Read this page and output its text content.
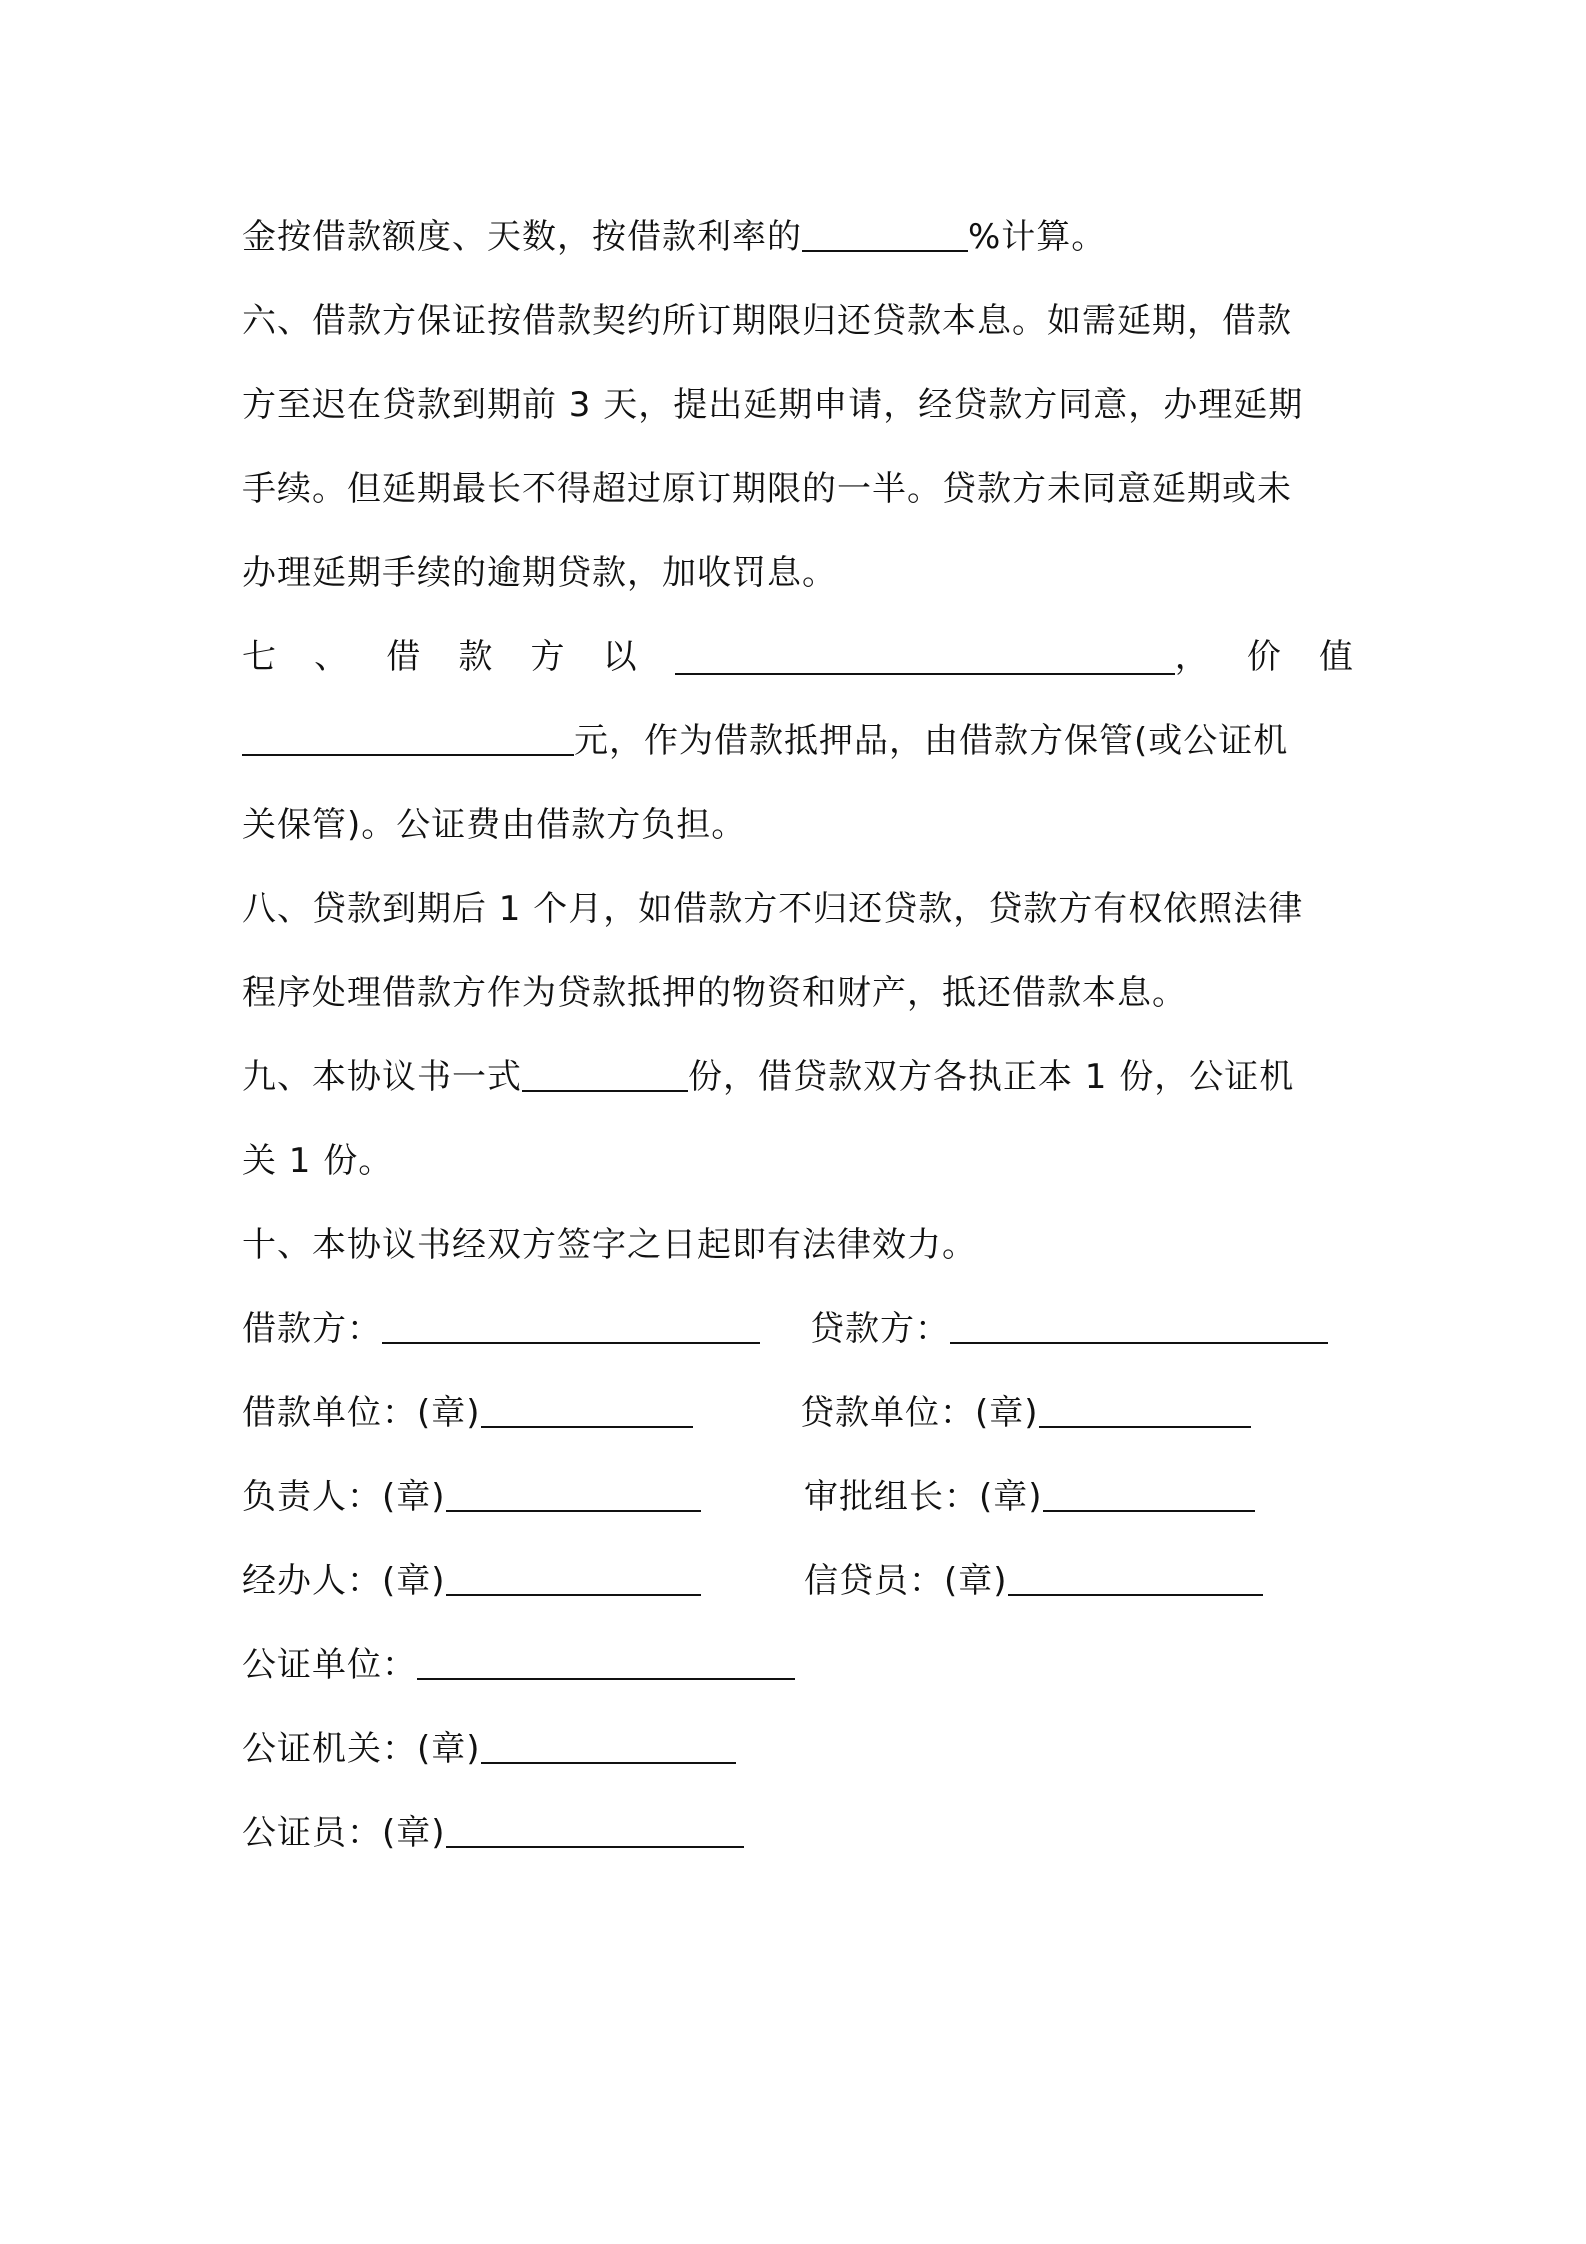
金按借款额度、天数，按借款利率的	%计算。
六、借款方保证按借款契约所订期限归还贷款本息。如需延期，借款
方至迟在贷款到期前 3 天，提出延期申请，经贷款方同意，办理延期
手续。但延期最长不得超过原订期限的一半。贷款方未同意延期或未
办理延期手续的逾期贷款，加收罚息。
七 、 借 款 方 以	， 价 值
元，作为借款抵押品，由借款方保管(或公证机
关保管)。公证费由借款方负担。
八、贷款到期后 1 个月，如借款方不归还贷款，贷款方有权依照法律
程序处理借款方作为贷款抵押的物资和财产，抵还借款本息。
九、本协议书一式	份，借贷款双方各执正本 1 份，公证机
关 1 份。
十、本协议书经双方签字之日起即有法律效力。
借款方：	贷款方：
借款单位：(章)	贷款单位：(章)
负责人：(章)	审批组长：(章)
经办人：(章)	信贷员：(章)
公证单位：
公证机关：(章)
公证员：(章)
